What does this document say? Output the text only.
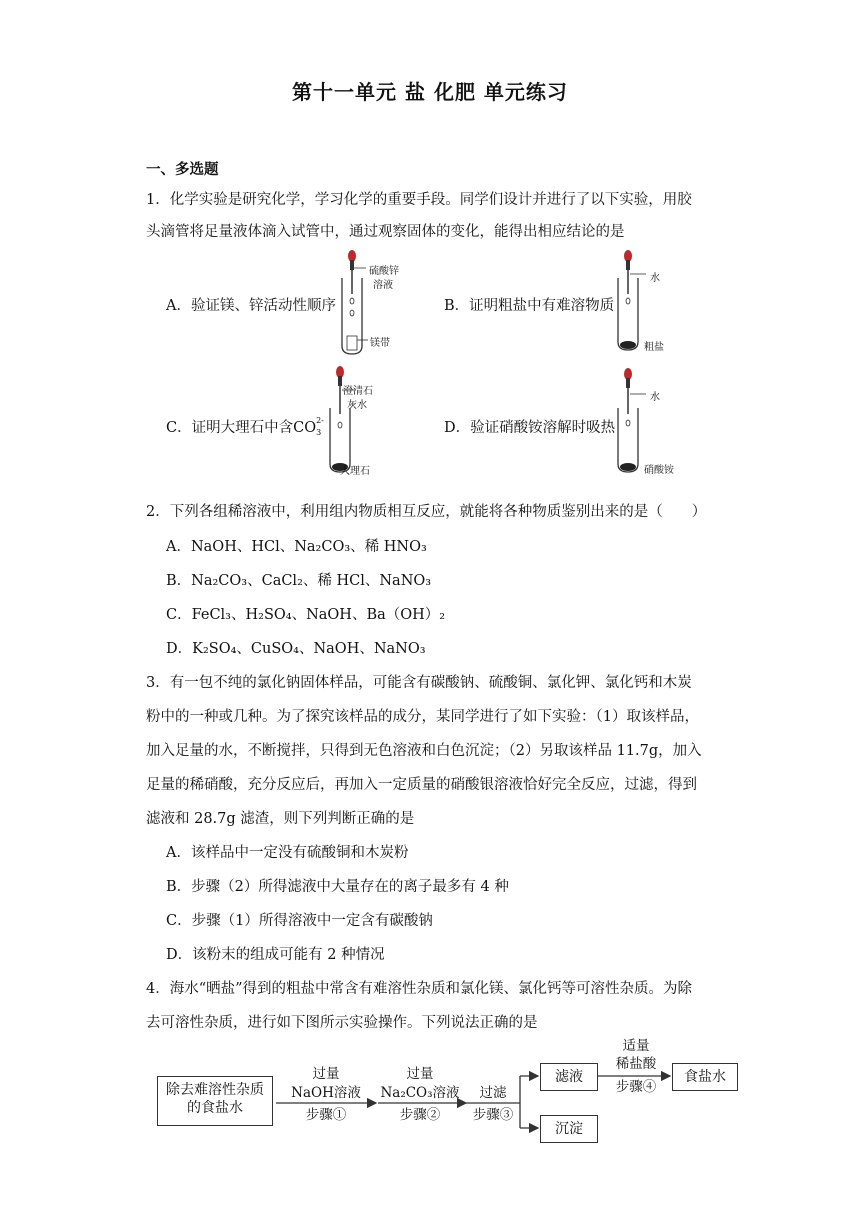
第十一单元 盐 化肥 单元练习
一、多选题
1．化学实验是研究化学，学习化学的重要手段。同学们设计并进行了以下实验，用胶
头滴管将足量液体滴入试管中，通过观察固体的变化，能得出相应结论的是
A．验证镁、锌活动性顺序	B．证明粗盐中有难溶物质
C．证明大理石中含CO 2-
3	D．验证硝酸铵溶解时吸热
硫酸锌
溶液
镁带
水
粗盐
澄清石
灰水
大理石
水
硝酸铵
2．下列各组稀溶液中，利用组内物质相互反应，就能将各种物质鉴别出来的是（　　）
A．NaOH、HCl、Na₂CO₃、稀 HNO₃
B．Na₂CO₃、CaCl₂、稀 HCl、NaNO₃
C．FeCl₃、H₂SO₄、NaOH、Ba（OH）₂
D．K₂SO₄、CuSO₄、NaOH、NaNO₃
3．有一包不纯的氯化钠固体样品，可能含有碳酸钠、硫酸铜、氯化钾、氯化钙和木炭
粉中的一种或几种。为了探究该样品的成分，某同学进行了如下实验：（1）取该样品，
加入足量的水，不断搅拌，只得到无色溶液和白色沉淀；（2）另取该样品 11.7g，加入
足量的稀硝酸，充分反应后，再加入一定质量的硝酸银溶液恰好完全反应，过滤，得到
滤液和 28.7g 滤渣，则下列判断正确的是
A．该样品中一定没有硫酸铜和木炭粉
B．步骤（2）所得滤液中大量存在的离子最多有 4 种
C．步骤（1）所得溶液中一定含有碳酸钠
D．该粉末的组成可能有 2 种情况
4．海水“晒盐”得到的粗盐中常含有难溶性杂质和氯化镁、氯化钙等可溶性杂质。为除
去可溶性杂质，进行如下图所示实验操作。下列说法正确的是
除去难溶性杂质
的食盐水
过量
NaOH溶液
步骤①
过量
Na₂CO₃溶液
步骤②
过滤
步骤③
滤液
沉淀
适量
稀盐酸
步骤④
食盐水
